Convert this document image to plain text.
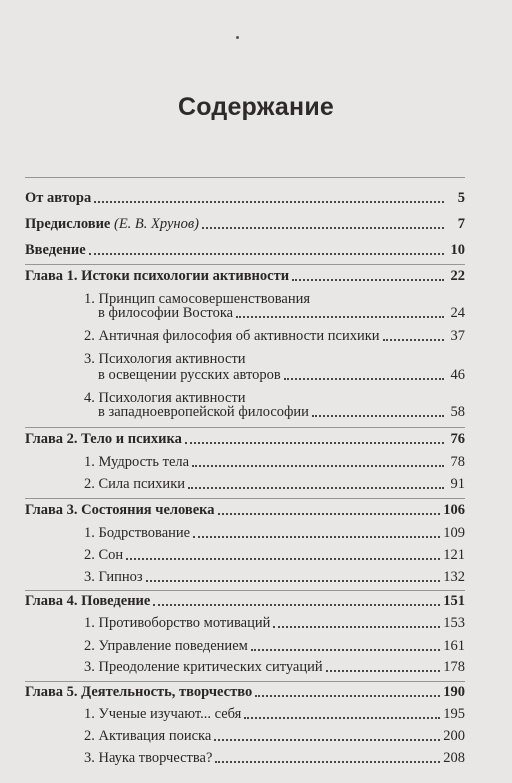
Содержание
От автора	5
Предисловие (Е. В. Хрунов)	7
Введение	10
Глава 1. Истоки психологии активности	22
1. Принцип самосовершенствования
в философии Востока	24
2. Античная философия об активности психики	37
3. Психология активности
в освещении русских авторов	46
4. Психология активности
в западноевропейской философии	58
Глава 2. Тело и психика	76
1. Мудрость тела	78
2. Сила психики	91
Глава 3. Состояния человека	106
1. Бодрствование	109
2. Сон	121
3. Гипноз	132
Глава 4. Поведение	151
1. Противоборство мотиваций	153
2. Управление поведением	161
3. Преодоление критических ситуаций	178
Глава 5. Деятельность, творчество	190
1. Ученые изучают... себя	195
2. Активация поиска	200
3. Наука творчества?	208
